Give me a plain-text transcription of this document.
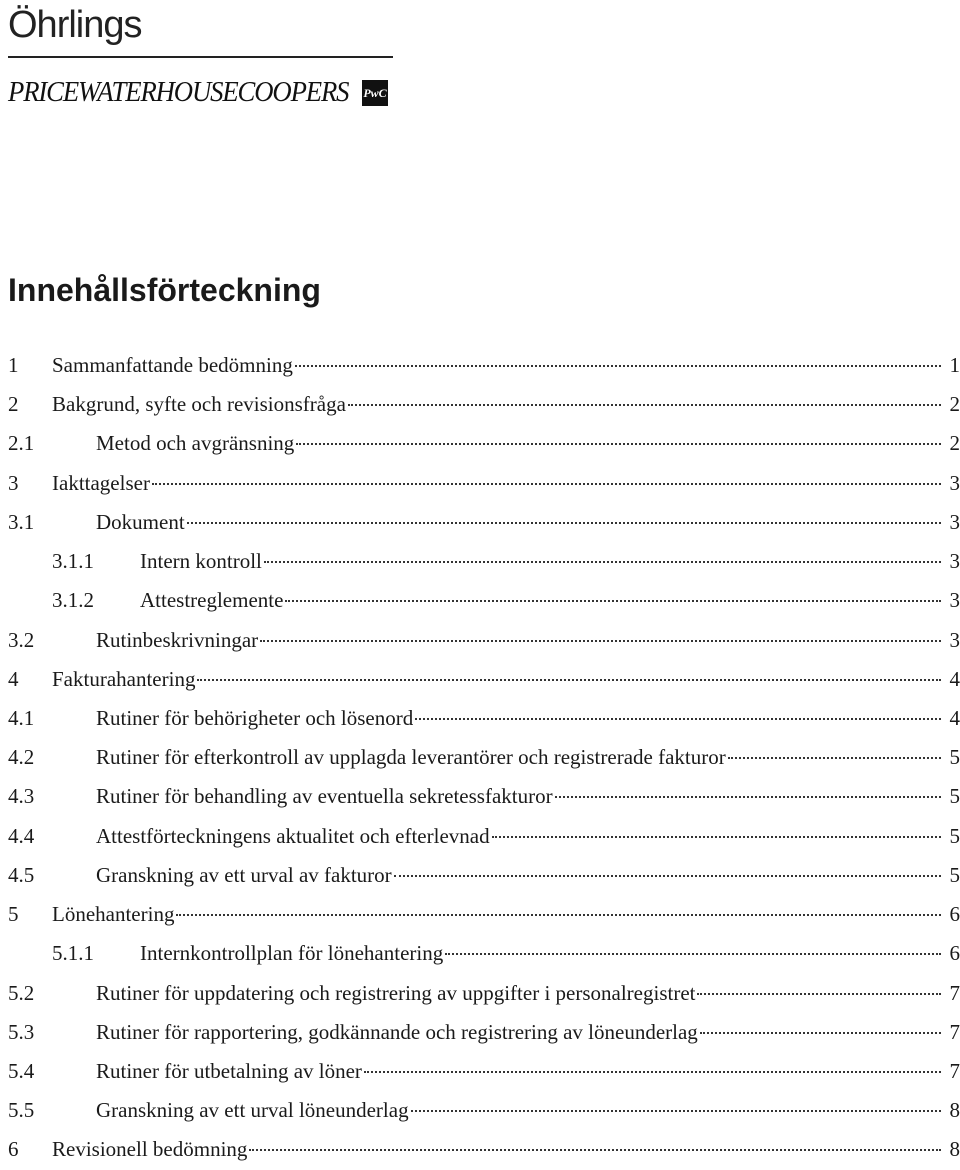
Öhrlings
PRICEWATERHOUSECOOPERS PwC
Innehållsförteckning
1 Sammanfattande bedömning	1
2 Bakgrund, syfte och revisionsfråga	2
2.1	Metod och avgränsning	2
3 Iakttagelser	3
3.1	Dokument	3
3.1.1 Intern kontroll	3
3.1.2 Attestreglemente	3
3.2	Rutinbeskrivningar	3
4 Fakturahantering	4
4.1	Rutiner för behörigheter och lösenord	4
4.2	Rutiner för efterkontroll av upplagda leverantörer och registrerade fakturor	5
4.3	Rutiner för behandling av eventuella sekretessfakturor	5
4.4	Attestförteckningens aktualitet och efterlevnad	5
4.5	Granskning av ett urval av fakturor	5
5 Lönehantering	6
5.1.1 Internkontrollplan för lönehantering	6
5.2	Rutiner för uppdatering och registrering av uppgifter i personalregistret	7
5.3	Rutiner för rapportering, godkännande och registrering av löneunderlag	7
5.4	Rutiner för utbetalning av löner	7
5.5	Granskning av ett urval löneunderlag	8
6 Revisionell bedömning	8
